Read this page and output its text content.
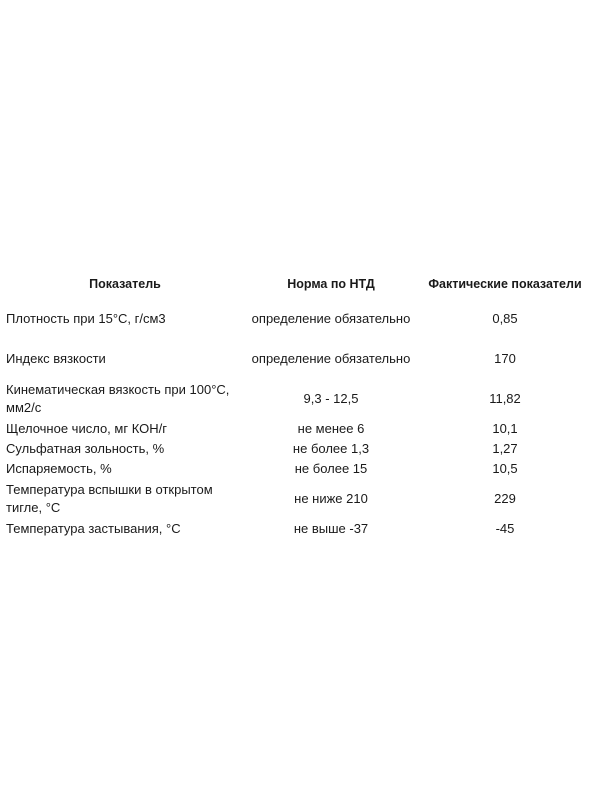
Показатель	Норма по НТД	Фактические показатели
Плотность при 15°С, г/см3	определение обязательно	0,85
Индекс вязкости	определение обязательно	170
Кинематическая вязкость при 100°С, мм2/с	9,3 - 12,5	11,82
Щелочное число, мг КОН/г	не менее 6	10,1
Сульфатная зольность, %	не более 1,3	1,27
Испаряемость, %	не более 15	10,5
Температура вспышки в открытом тигле, °С	не ниже 210	229
Температура застывания, °С	не выше -37	-45
